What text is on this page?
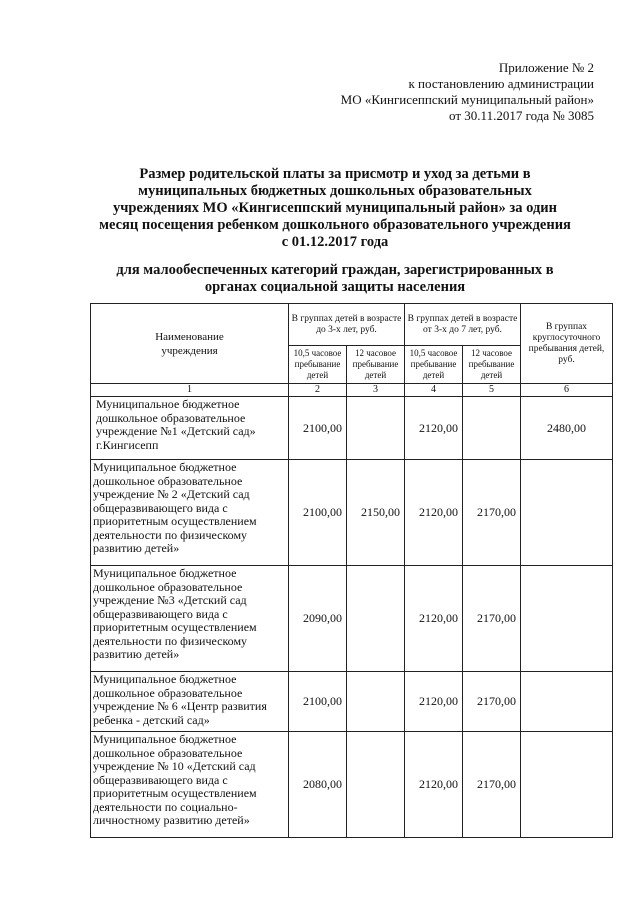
Приложение № 2
к постановлению администрации
МО «Кингисеппский муниципальный район»
от 30.11.2017 года № 3085
Размер родительской платы за присмотр и уход за детьми в
муниципальных бюджетных дошкольных образовательных
учреждениях МО «Кингисеппский муниципальный район» за один
месяц посещения ребенком дошкольного образовательного учреждения
с 01.12.2017 года
для малообеспеченных категорий граждан, зарегистрированных в
органах социальной защиты населения
Наименование
учреждения	В группах детей в возрасте до 3-х лет, руб.		В группах детей в возрасте от 3-х до 7 лет, руб.		В группах круглосуточного пребывания детей, руб.
	10,5 часовое пребывание детей	12 часовое пребывание детей	10,5 часовое пребывание детей	12 часовое пребывание детей	
1	2	3	4	5	6
Муниципальное бюджетное дошкольное образовательное учреждение №1 «Детский сад» г.Кингисепп	2100,00		2120,00		2480,00
Муниципальное бюджетное дошкольное образовательное учреждение № 2 «Детский сад общеразвивающего вида с приоритетным осуществлением деятельности по физическому развитию детей»	2100,00	2150,00	2120,00	2170,00	
Муниципальное бюджетное дошкольное образовательное учреждение №3 «Детский сад общеразвивающего вида с приоритетным осуществлением деятельности по физическому развитию детей»	2090,00		2120,00	2170,00	
Муниципальное бюджетное дошкольное образовательное учреждение № 6 «Центр развития ребенка - детский сад»	2100,00		2120,00	2170,00	
Муниципальное бюджетное дошкольное образовательное учреждение № 10 «Детский сад общеразвивающего вида с приоритетным осуществлением деятельности по социально-личностному развитию детей»	2080,00		2120,00	2170,00	
